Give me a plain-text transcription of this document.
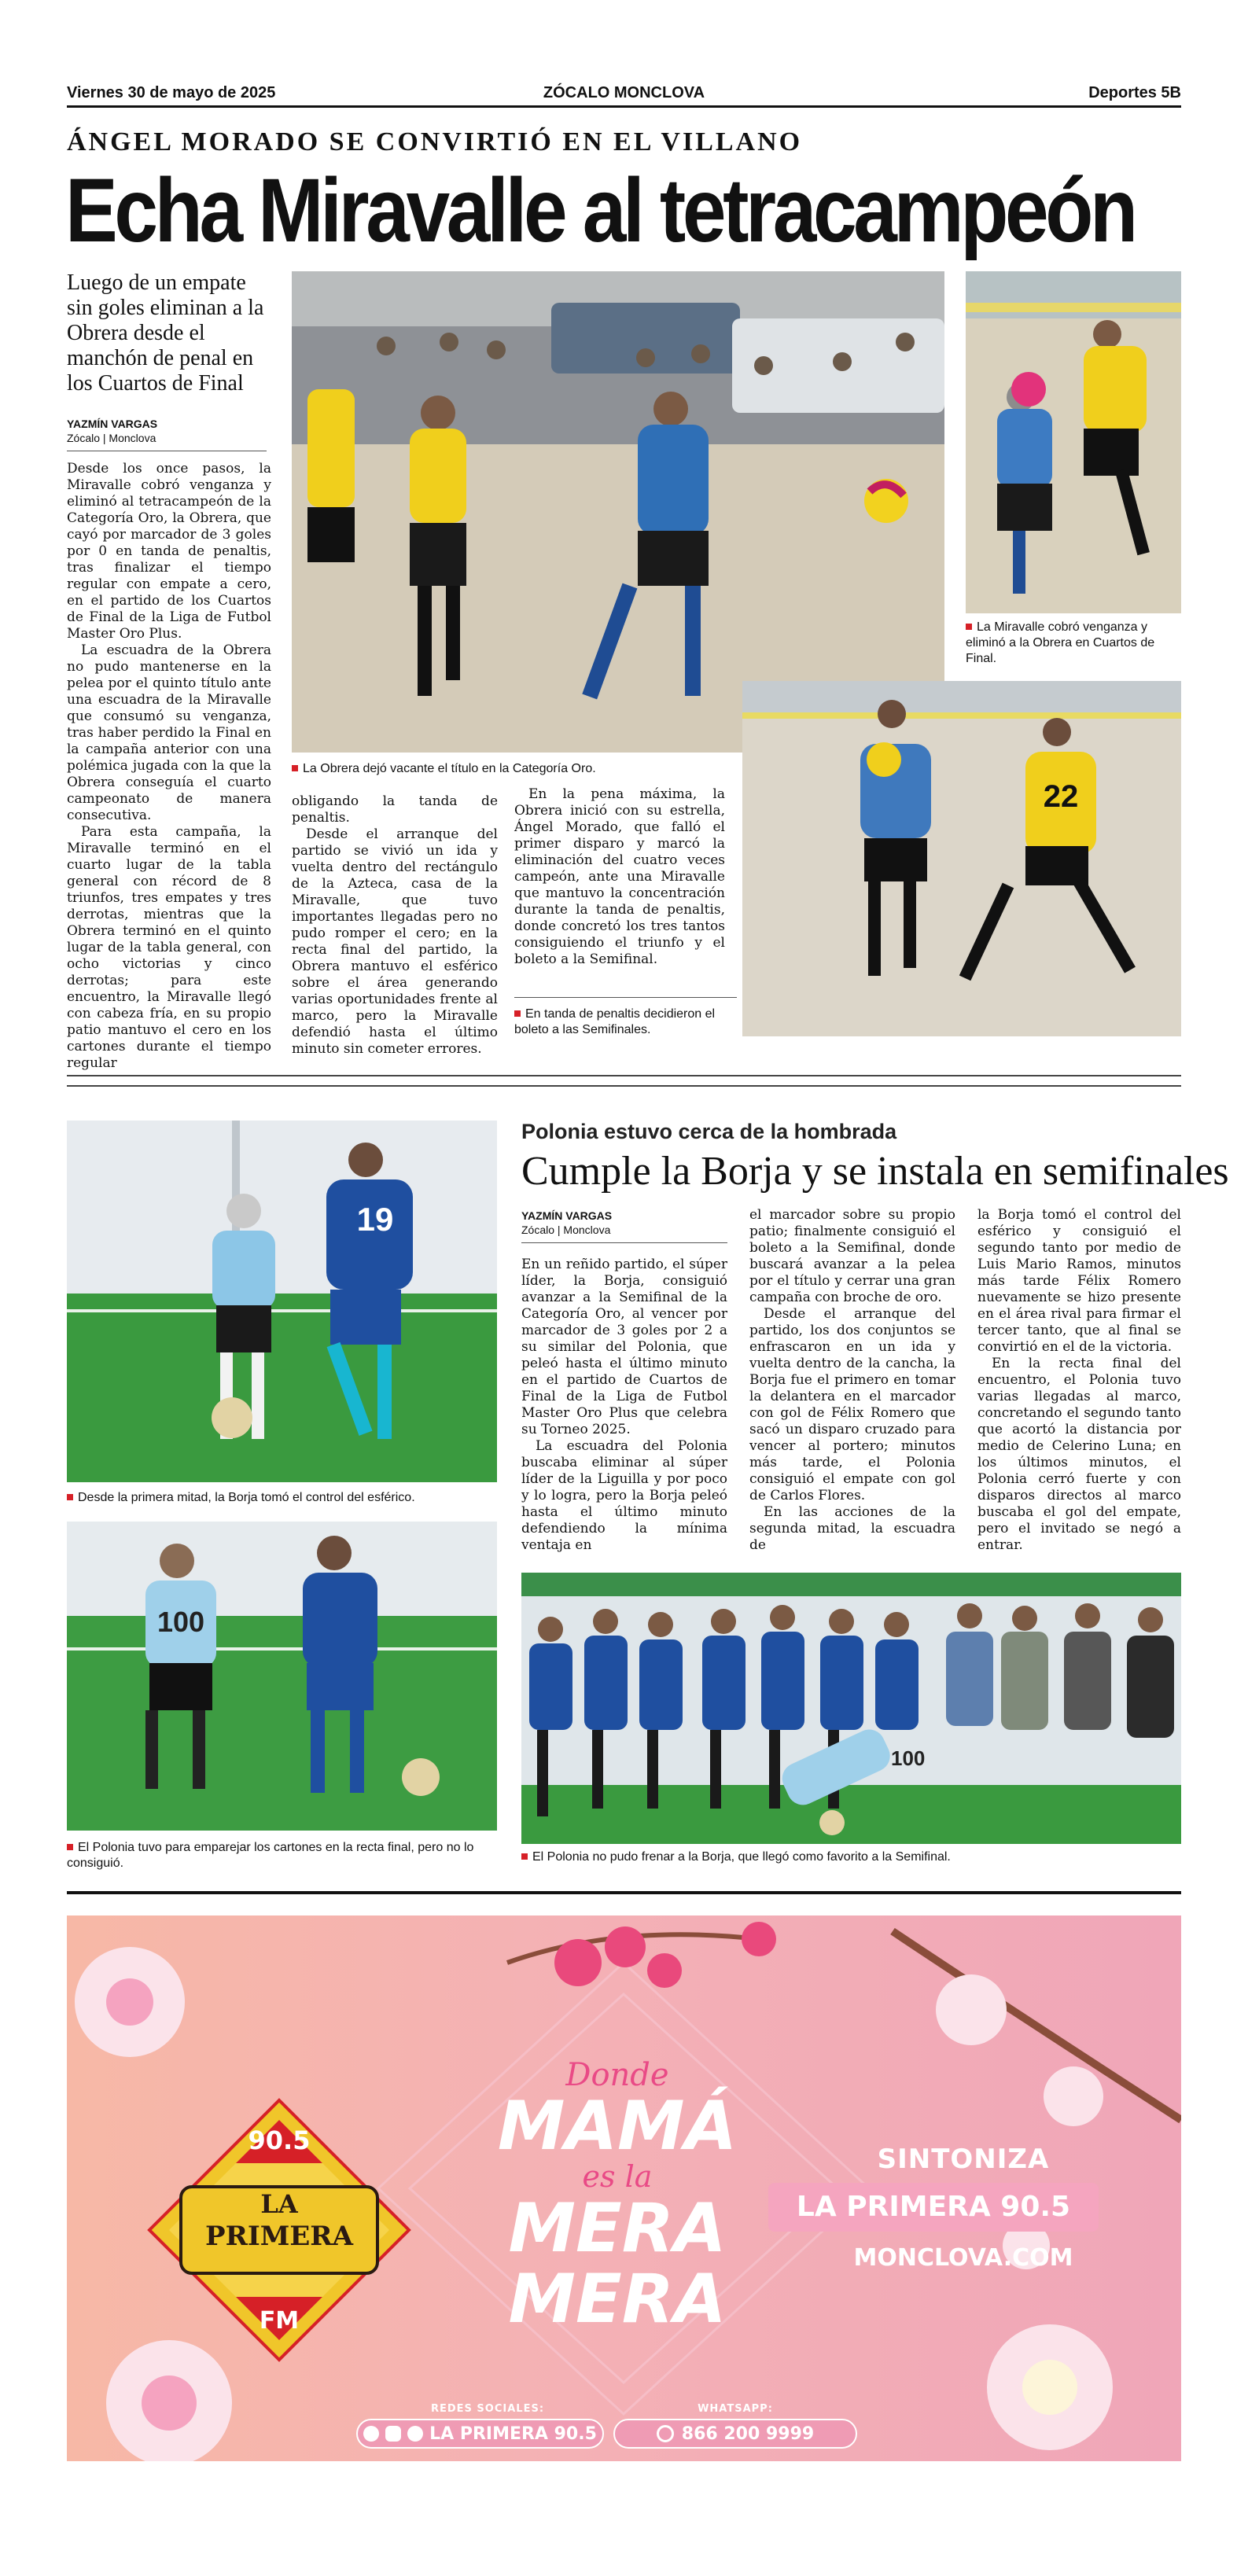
Viernes 30 de mayo de 2025	ZÓCALO MONCLOVA	Deportes 5B
ÁNGEL MORADO SE CONVIRTIÓ EN EL VILLANO
Echa Miravalle al tetracampeón
Luego de un empate sin goles eliminan a la Obrera desde el manchón de penal en los Cuartos de Final
YAZMÍN VARGAS
Zócalo | Monclova

Desde los once pasos, la Miravalle cobró venganza y eliminó al tetracampeón de la Categoría Oro, la Obrera, que cayó por marcador de 3 goles por 0 en tanda de penaltis, tras finalizar el tiempo regular con empate a cero, en el partido de los Cuartos de Final de la Liga de Futbol Master Oro Plus.

La escuadra de la Obrera no pudo mantenerse en la pelea por el quinto título ante una escuadra de la Miravalle que consumó su venganza, tras haber perdido la Final en la campaña anterior con una polémica jugada con la que la Obrera conseguía el cuarto campeonato de manera consecutiva.

Para esta campaña, la Miravalle terminó en el cuarto lugar de la tabla general con récord de 8 triunfos, tres empates y tres derrotas, mientras que la Obrera terminó en el quinto lugar de la tabla general, con ocho victorias y cinco derrotas; para este encuentro, la Miravalle llegó con cabeza fría, en su propio patio mantuvo el cero en los cartones durante el tiempo regular

La Obrera dejó vacante el título en la Categoría Oro.
La Miravalle cobró venganza y eliminó a la Obrera en Cuartos de Final.
22

obligando la tanda de penaltis.

Desde el arranque del partido se vivió un ida y vuelta dentro del rectángulo de la Azteca, casa de la Miravalle, que tuvo importantes llegadas pero no pudo romper el cero; en la recta final del partido, la Obrera mantuvo el esférico sobre el área generando varias oportunidades frente al marco, pero la Miravalle defendió hasta el último minuto sin cometer errores.

En la pena máxima, la Obrera inició con su estrella, Ángel Morado, que falló el primer disparo y marcó la eliminación del cuatro veces campeón, ante una Miravalle que mantuvo la concentración durante la tanda de penaltis, donde concretó los tres tantos consiguiendo el triunfo y el boleto a la Semifinal.

En tanda de penaltis decidieron el boleto a las Semifinales.
19
Desde la primera mitad, la Borja tomó el control del esférico.
100
El Polonia tuvo para emparejar los cartones en la recta final, pero no lo consiguió.
Polonia estuvo cerca de la hombrada
Cumple la Borja y se instala en semifinales
YAZMÍN VARGAS
Zócalo | Monclova

En un reñido partido, el súper líder, la Borja, consiguió avanzar a la Semifinal de la Categoría Oro, al vencer por marcador de 3 goles por 2 a su similar del Polonia, que peleó hasta el último minuto en el partido de Cuartos de Final de la Liga de Futbol Master Oro Plus que celebra su Torneo 2025.

La escuadra del Polonia buscaba eliminar al súper líder de la Liguilla y por poco y lo logra, pero la Borja peleó hasta el último minuto defendiendo la mínima ventaja en

el marcador sobre su propio patio; finalmente consiguió el boleto a la Semifinal, donde buscará avanzar a la pelea por el título y cerrar una gran campaña con broche de oro.

Desde el arranque del partido, los dos conjuntos se enfrascaron en un ida y vuelta dentro de la cancha, la Borja fue el primero en tomar la delantera en el marcador con gol de Félix Romero que sacó un disparo cruzado para vencer al portero; minutos más tarde, el Polonia consiguió el empate con gol de Carlos Flores.

En las acciones de la segunda mitad, la escuadra de

la Borja tomó el control del esférico y consiguió el segundo tanto por medio de Luis Mario Ramos, minutos más tarde Félix Romero nuevamente se hizo presente en el área rival para firmar el tercer tanto, que al final se convirtió en el de la victoria.

En la recta final del encuentro, el Polonia tuvo varias llegadas al marco, concretando el segundo tanto que acortó la distancia por medio de Celerino Luna; en los últimos minutos, el Polonia cerró fuerte y con disparos directos al marco buscaba el gol del empate, pero el invitado se negó a entrar.

100
El Polonia no pudo frenar a la Borja, que llegó como favorito a la Semifinal.
90.5
LA
PRIMERA
FM
Donde
MAMÁ
es la
MERA
MERA
SINTONIZA
LA PRIMERA 90.5
MONCLOVA.COM
REDES SOCIALES:
LA PRIMERA 90.5
WHATSAPP:
866 200 9999
